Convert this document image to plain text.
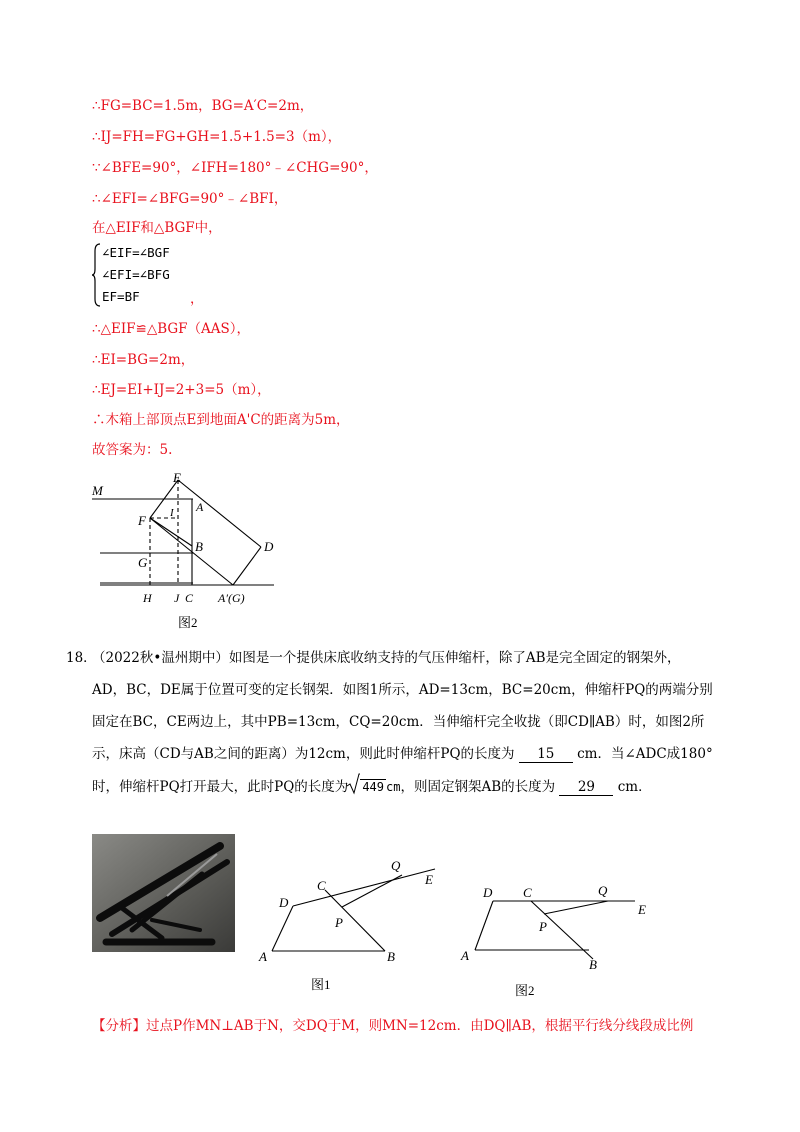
∴FG=BC=1.5m，BG=A′C=2m，
∴IJ=FH=FG+GH=1.5+1.5=3（m），
∵∠BFE=90°，∠IFH=180°﹣∠CHG=90°，
∴∠EFI=∠BFG=90°﹣∠BFI，
在△EIF和△BGF中，
∠EIF=∠BGF
∠EFI=∠BFG
EF=BF	，
∴△EIF≌△BGF（AAS），
∴EI=BG=2m，
∴EJ=EI+IJ=2+3=5（m），
∴木箱上部顶点E到地面A'C的距离为5m，
故答案为：5.
M
E
F I A
B	D
G
H J C A′(G)
图2
18．
（2022秋•温州期中）如图是一个提供床底收纳支持的气压伸缩杆，除了AB是完全固定的钢架外，
AD，BC，DE属于位置可变的定长钢架．如图1所示，AD=13cm，BC=20cm，伸缩杆PQ的两端分别
固定在BC，CE两边上，其中PB=13cm，CQ=20cm．当伸缩杆完全收拢（即CD∥AB）时，如图2所
示，床高（CD与AB之间的距离）为12cm，则此时伸缩杆PQ的长度为 15 cm．当∠ADC成180°
时，伸缩杆PQ打开最大，此时PQ的长度为 449 cm，则固定钢架AB的长度为 29 cm．
D
C
Q
E
P
A	B
图1
D C	Q
E
P
A
B
图2
【分析】过点P作MN⊥AB于N，交DQ于M，则MN=12cm．由DQ∥AB，根据平行线分线段成比例
